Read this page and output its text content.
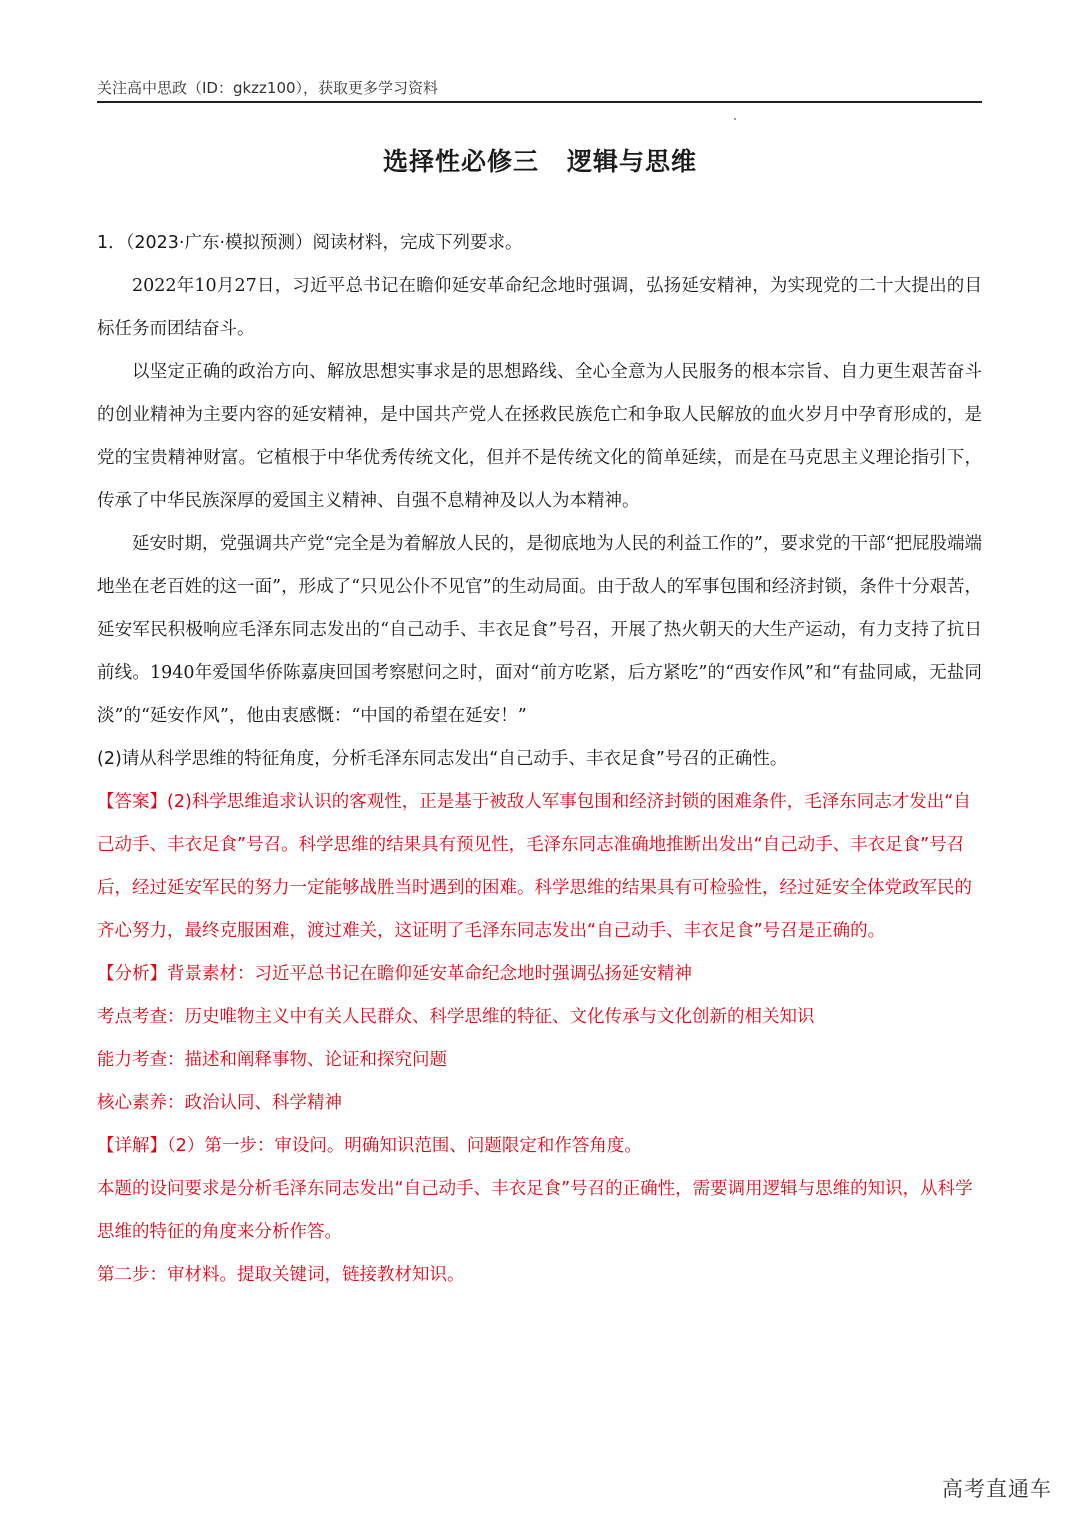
关注高中思政（ID：gkzz100），获取更多学习资料
选择性必修三 逻辑与思维

1．（2023·广东·模拟预测）阅读材料，完成下列要求。

2022年10月27日，习近平总书记在瞻仰延安革命纪念地时强调，弘扬延安精神，为实现党的二十大提出的目标任务而团结奋斗。

以坚定正确的政治方向、解放思想实事求是的思想路线、全心全意为人民服务的根本宗旨、自力更生艰苦奋斗的创业精神为主要内容的延安精神，是中国共产党人在拯救民族危亡和争取人民解放的血火岁月中孕育形成的，是党的宝贵精神财富。它植根于中华优秀传统文化，但并不是传统文化的简单延续，而是在马克思主义理论指引下，传承了中华民族深厚的爱国主义精神、自强不息精神及以人为本精神。

延安时期，党强调共产党“完全是为着解放人民的，是彻底地为人民的利益工作的”，要求党的干部“把屁股端端地坐在老百姓的这一面”，形成了“只见公仆不见官”的生动局面。由于敌人的军事包围和经济封锁，条件十分艰苦，延安军民积极响应毛泽东同志发出的“自己动手、丰衣足食”号召，开展了热火朝天的大生产运动，有力支持了抗日前线。1940年爱国华侨陈嘉庚回国考察慰问之时，面对“前方吃紧，后方紧吃”的“西安作风”和“有盐同咸，无盐同淡”的“延安作风”，他由衷感慨：“中国的希望在延安！”

(2)请从科学思维的特征角度，分析毛泽东同志发出“自己动手、丰衣足食”号召的正确性。

【答案】(2)科学思维追求认识的客观性，正是基于被敌人军事包围和经济封锁的困难条件，毛泽东同志才发出“自己动手、丰衣足食”号召。科学思维的结果具有预见性，毛泽东同志准确地推断出发出“自己动手、丰衣足食”号召后，经过延安军民的努力一定能够战胜当时遇到的困难。科学思维的结果具有可检验性，经过延安全体党政军民的齐心努力，最终克服困难，渡过难关，这证明了毛泽东同志发出“自己动手、丰衣足食”号召是正确的。

【分析】背景素材：习近平总书记在瞻仰延安革命纪念地时强调弘扬延安精神

考点考查：历史唯物主义中有关人民群众、科学思维的特征、文化传承与文化创新的相关知识

能力考查：描述和阐释事物、论证和探究问题

核心素养：政治认同、科学精神

【详解】（2）第一步：审设问。明确知识范围、问题限定和作答角度。

本题的设问要求是分析毛泽东同志发出“自己动手、丰衣足食”号召的正确性，需要调用逻辑与思维的知识，从科学思维的特征的角度来分析作答。

第二步：审材料。提取关键词，链接教材知识。

高考直通车
